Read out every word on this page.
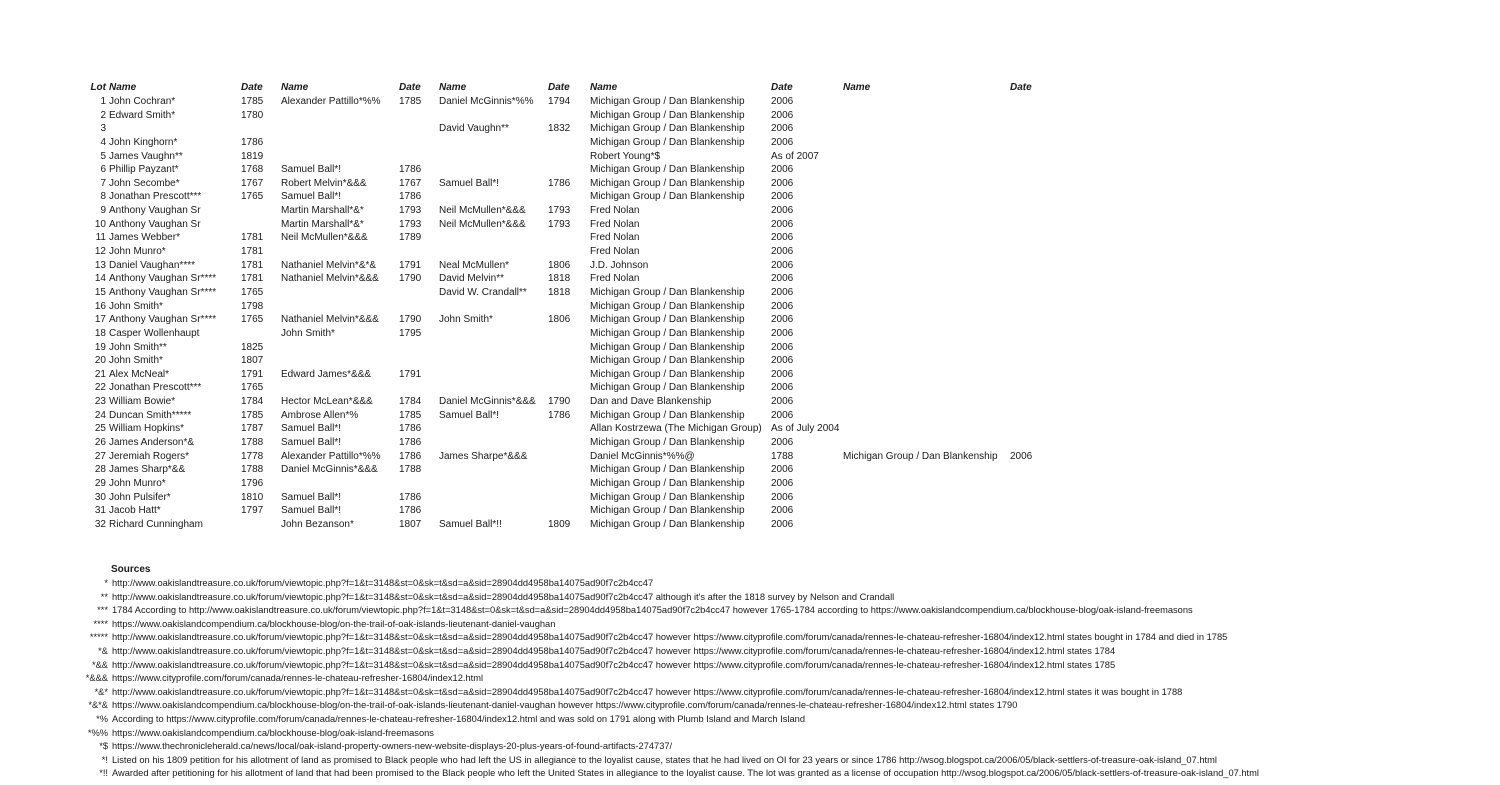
Lot	Name	Date	Name	Date	Name	Date	Name	Date	Name	Date
1	John Cochran*	1785	Alexander Pattillo*%%	1785	Daniel McGinnis*%%	1794	Michigan Group / Dan Blankenship	2006		
2	Edward Smith*	1780					Michigan Group / Dan Blankenship	2006		
3					David Vaughn**	1832	Michigan Group / Dan Blankenship	2006		
4	John Kinghorn*	1786					Michigan Group / Dan Blankenship	2006		
5	James Vaughn**	1819					Robert Young*$	As of 2007		
6	Phillip Payzant*	1768	Samuel Ball*!	1786			Michigan Group / Dan Blankenship	2006		
7	John Secombe*	1767	Robert Melvin*&&&	1767	Samuel Ball*!	1786	Michigan Group / Dan Blankenship	2006		
8	Jonathan Prescott***	1765	Samuel Ball*!	1786			Michigan Group / Dan Blankenship	2006		
9	Anthony Vaughan Sr		Martin Marshall*&*	1793	Neil McMullen*&&&	1793	Fred Nolan	2006		
10	Anthony Vaughan Sr		Martin Marshall*&*	1793	Neil McMullen*&&&	1793	Fred Nolan	2006		
11	James Webber*	1781	Neil McMullen*&&&	1789			Fred Nolan	2006		
12	John Munro*	1781					Fred Nolan	2006		
13	Daniel Vaughan****	1781	Nathaniel Melvin*&*&	1791	Neal McMullen*	1806	J.D. Johnson	2006		
14	Anthony Vaughan Sr****	1781	Nathaniel Melvin*&&&	1790	David Melvin**	1818	Fred Nolan	2006		
15	Anthony Vaughan Sr****	1765			David W. Crandall**	1818	Michigan Group / Dan Blankenship	2006		
16	John Smith*	1798					Michigan Group / Dan Blankenship	2006		
17	Anthony Vaughan Sr****	1765	Nathaniel Melvin*&&&	1790	John Smith*	1806	Michigan Group / Dan Blankenship	2006		
18	Casper Wollenhaupt		John Smith*	1795			Michigan Group / Dan Blankenship	2006		
19	John Smith**	1825					Michigan Group / Dan Blankenship	2006		
20	John Smith*	1807					Michigan Group / Dan Blankenship	2006		
21	Alex McNeal*	1791	Edward James*&&&	1791			Michigan Group / Dan Blankenship	2006		
22	Jonathan Prescott***	1765					Michigan Group / Dan Blankenship	2006		
23	William Bowie*	1784	Hector McLean*&&&	1784	Daniel McGinnis*&&&	1790	Dan and Dave Blankenship	2006		
24	Duncan Smith*****	1785	Ambrose Allen*%	1785	Samuel Ball*!	1786	Michigan Group / Dan Blankenship	2006		
25	William Hopkins*	1787	Samuel Ball*!	1786			Allan Kostrzewa (The Michigan Group)	As of July 2004		
26	James Anderson*&	1788	Samuel Ball*!	1786			Michigan Group / Dan Blankenship	2006		
27	Jeremiah Rogers*	1778	Alexander Pattillo*%%	1786	James Sharpe*&&&		Daniel McGinnis*%%@	1788	Michigan Group / Dan Blankenship	2006
28	James Sharp*&&	1788	Daniel McGinnis*&&&	1788			Michigan Group / Dan Blankenship	2006		
29	John Munro*	1796					Michigan Group / Dan Blankenship	2006		
30	John Pulsifer*	1810	Samuel Ball*!	1786			Michigan Group / Dan Blankenship	2006		
31	Jacob Hatt*	1797	Samuel Ball*!	1786			Michigan Group / Dan Blankenship	2006		
32	Richard Cunningham		John Bezanson*	1807	Samuel Ball*!!	1809	Michigan Group / Dan Blankenship	2006		
Sources
* http://www.oakislandtreasure.co.uk/forum/viewtopic.php?f=1&t=3148&st=0&sk=t&sd=a&sid=28904dd4958ba14075ad90f7c2b4cc47
** http://www.oakislandtreasure.co.uk/forum/viewtopic.php?f=1&t=3148&st=0&sk=t&sd=a&sid=28904dd4958ba14075ad90f7c2b4cc47 although it's after the 1818 survey by Nelson and Crandall
*** 1784 According to http://www.oakislandtreasure.co.uk/forum/viewtopic.php?f=1&t=3148&st=0&sk=t&sd=a&sid=28904dd4958ba14075ad90f7c2b4cc47 however 1765-1784 according to https://www.oakislandcompendium.ca/blockhouse-blog/oak-island-freemasons
**** https://www.oakislandcompendium.ca/blockhouse-blog/on-the-trail-of-oak-islands-lieutenant-daniel-vaughan
***** http://www.oakislandtreasure.co.uk/forum/viewtopic.php?f=1&t=3148&st=0&sk=t&sd=a&sid=28904dd4958ba14075ad90f7c2b4cc47 however https://www.cityprofile.com/forum/canada/rennes-le-chateau-refresher-16804/index12.html states bought in 1784 and died in 1785
*& http://www.oakislandtreasure.co.uk/forum/viewtopic.php?f=1&t=3148&st=0&sk=t&sd=a&sid=28904dd4958ba14075ad90f7c2b4cc47 however https://www.cityprofile.com/forum/canada/rennes-le-chateau-refresher-16804/index12.html states 1784
*&& http://www.oakislandtreasure.co.uk/forum/viewtopic.php?f=1&t=3148&st=0&sk=t&sd=a&sid=28904dd4958ba14075ad90f7c2b4cc47 however https://www.cityprofile.com/forum/canada/rennes-le-chateau-refresher-16804/index12.html states 1785
*&&& https://www.cityprofile.com/forum/canada/rennes-le-chateau-refresher-16804/index12.html
*&* http://www.oakislandtreasure.co.uk/forum/viewtopic.php?f=1&t=3148&st=0&sk=t&sd=a&sid=28904dd4958ba14075ad90f7c2b4cc47 however https://www.cityprofile.com/forum/canada/rennes-le-chateau-refresher-16804/index12.html states it was bought in 1788
*&*& https://www.oakislandcompendium.ca/blockhouse-blog/on-the-trail-of-oak-islands-lieutenant-daniel-vaughan however https://www.cityprofile.com/forum/canada/rennes-le-chateau-refresher-16804/index12.html states 1790
*% According to https://www.cityprofile.com/forum/canada/rennes-le-chateau-refresher-16804/index12.html and was sold on 1791 along with Plumb Island and March Island
*%% https://www.oakislandcompendium.ca/blockhouse-blog/oak-island-freemasons
*$ https://www.thechronicleherald.ca/news/local/oak-island-property-owners-new-website-displays-20-plus-years-of-found-artifacts-274737/
*! Listed on his 1809 petition for his allotment of land as promised to Black people who had left the US in allegiance to the loyalist cause, states that he had lived on OI for 23 years or since 1786 http://wsog.blogspot.ca/2006/05/black-settlers-of-treasure-oak-island_07.html
*!! Awarded after petitioning for his allotment of land that had been promised to the Black people who left the United States in allegiance to the loyalist cause. The lot was granted as a license of occupation http://wsog.blogspot.ca/2006/05/black-settlers-of-treasure-oak-island_07.html
